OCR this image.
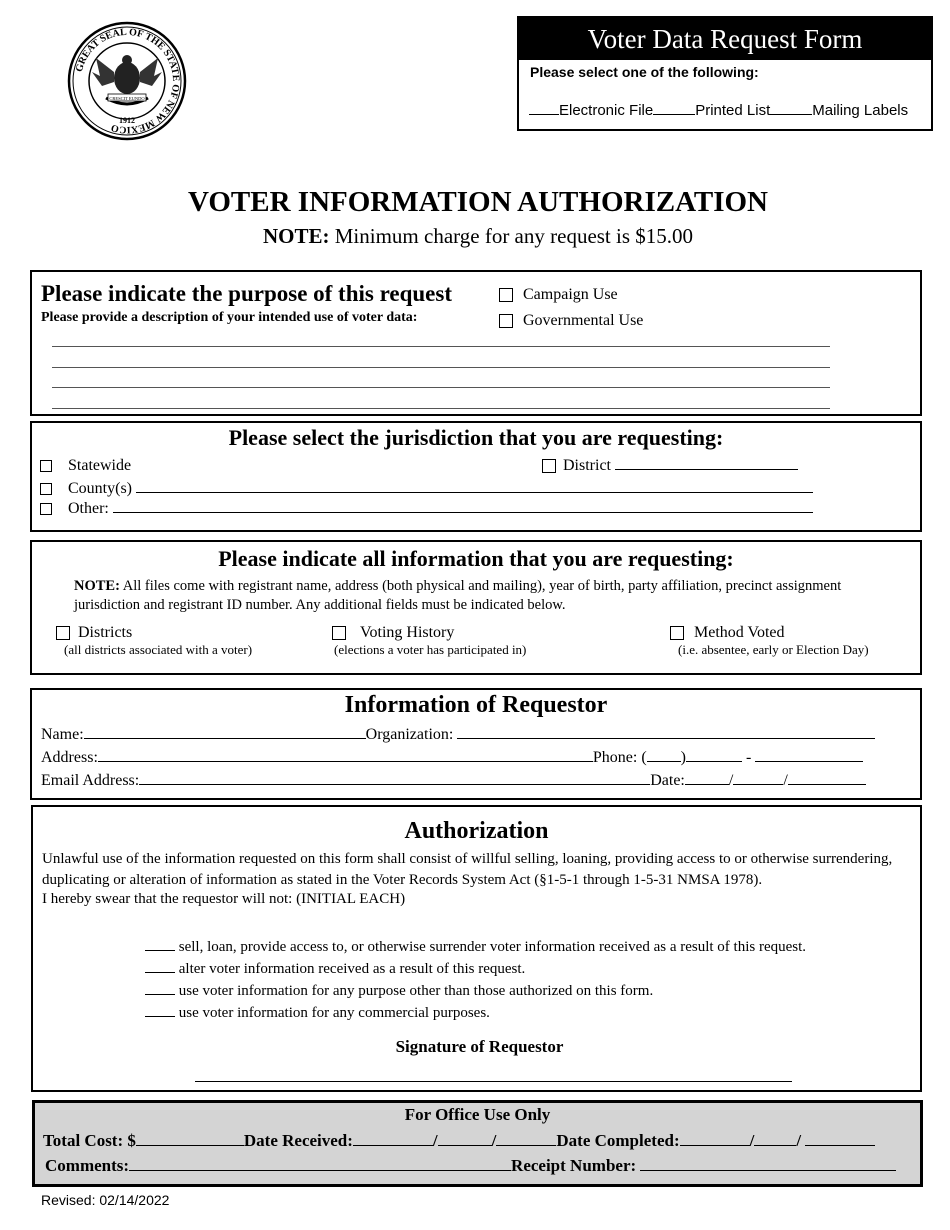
GREAT SEAL OF THE STATE OF NEW MEXICO
CRESCIT EUNDO
1912
Voter Data Request Form
Please select one of the following:
Electronic File	Printed List	Mailing Labels
VOTER INFORMATION AUTHORIZATION
NOTE: Minimum charge for any request is $15.00
Please indicate the purpose of this request
Please provide a description of your intended use of voter data:
Campaign Use
Governmental Use
Please select the jurisdiction that you are requesting:
Statewide
County(s)
Other:
District
Please indicate all information that you are requesting:
NOTE: All files come with registrant name, address (both physical and mailing), year of birth, party affiliation, precinct assignment jurisdiction and registrant ID number. Any additional fields must be indicated below.
Districts
(all districts associated with a voter)
Voting History
(elections a voter has participated in)
Method Voted
(i.e. absentee, early or Election Day)
Information of Requestor
Name:	Organization:
Address:	Phone: ( )	-
Email Address:	Date:	/	/
Authorization
Unlawful use of the information requested on this form shall consist of willful selling, loaning, providing access to or otherwise surrendering, duplicating or alteration of information as stated in the Voter Records System Act (§1-5-1 through 1-5-31 NMSA 1978).
I hereby swear that the requestor will not: (INITIAL EACH)
sell, loan, provide access to, or otherwise surrender voter information received as a result of this request.
alter voter information received as a result of this request.
use voter information for any purpose other than those authorized on this form.
use voter information for any commercial purposes.
Signature of Requestor
For Office Use Only
Total Cost: $	Date Received:	/	/	Date Completed:	/ /
Comments:	Receipt Number:
Revised: 02/14/2022
